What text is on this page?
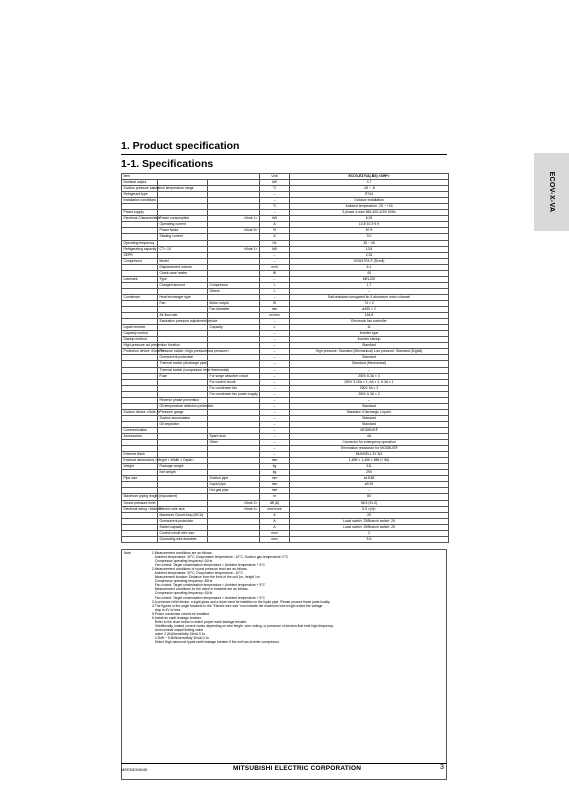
ECOV-X-VA
1. Product specification
1-1. Specifications
Item			Unit	ECOV-E37VA(-BS) <SHP>
Nominal output			kW	3.7
Suction pressure saturation temperature range			°C	-28 ~ -8
Refrigerant type			–	R744
Installation conditions			–	Outdoor installation
			°C	Ambient temperature -25 ~ +43
Power supply			–	3-phase 4-wire 380-400-415V 50Hz
Electrical Characteristics	Power consumption	<Note 1>	kW	6.29
	Operating current		A	10.8·10.3·9.9
	Power factor	<Note 5>	%	87.9
	Starting current		A	3.0
Operating frequency			Hz	35 ~ 45
Refrigerating capacity	CT= 10	<Note 1>	kW	13.8
SEPR			–	2.33
Compressor	Model		–	HXW17FA-F (Scroll)
	Displacement volume		m³/h	6.1
	Crank case heater		W	45
Lubricant	Type		–	MEL220
	Charged amount	Compressor	L	1.7
		Others	L	–
Condenser	Heat exchanger type		–	Salt-resistant corrugated fin & aluminum micro channel
	Fan	Motor output	W	74 × 2
		Fan diameter	mm	ø490 × 2
	Air flow rate		m³/min	154.8
	Saturation pressure adjustment device		–	Electronic fan controller
Liquid receiver		Capacity	L	11
Capacity control			–	Inverter type
Startup method			–	Inverter startup
High-pressure cut prevention function			–	Standard
Protection device <Note 3>	Pressure switch <high-pressure/low pressure>		–	High pressure: Standard (Mechanical) Low pressure: Standard (Digital)
	Overcurrent protection		–	Standard
	Thermal switch (discharge pipe)		–	Standard (Mechanical)
	Thermal switch (compressor inner thermostat)		–	–
	Fuse	For surge absorber circuit	–	250V 6.3A × 3
		For control circuit	–	250V 3.15A × 1, 6A × 2, 6.3A × 1
		For condenser fan	–	250V 3A × 2
		For condenser fan power supply	–	250V 6.3A × 2
	Reverse phase prevention		–	–
	Oil temperature detection protection		–	Standard
Suction device <Note 3>	Pressure gauge		–	Standard <Discharge, Liquid>
	Suction accumulator		–	Standard
	Oil separator		–	Standard
Communication			–	MODBUS®
Accessories		Spare fuse	–	4A
		Other	–	Connector for emergency operation
			–	Termination resistance for MODBUS®
External finish			–	MUNSELL 5Y 8/1
External dimensions <Height × Width × Depth>			mm	1,695 × 1,450 × 586 (+ 56)
Weight	Package weight		kg	311
	Net weight		kg	290
Pipe size		Suction pipe	mm	ø15.88
		Liquid pipe	mm	ø9.52
		Hot gas pipe	mm	–
Maximum piping length (equivalent)			m	80
Sound pressure level		<Note 2>	dB (A)	56.5 (51.0)
Electrical wiring <Note 6>	Electric wire size	<Note 4>	mm²/core	5.5 ×(4)×
	Maximum Circuit Amp (MCA)		A	20
	Overcurrent protection		A	Local switch: 25/Branch switch: 25
	Switch capacity		A	Local switch: 25/Branch switch: 25
	Control circuit wire size		mm²	2
	Grounding wire diameter		mm²	5.5
Note	1.Measurement conditions are as follows.
Ambient temperature: 32°C, Evaporation temperature: -10°C, Suction gas temperature: 0°C
Compressor operating frequency: 61Hz
Fan control: Target condensation temperature = Ambient temperature + 5°C
2.Measurement conditions of sound pressure level are as follows.
Ambient temperature: 32°C, Evaporation temperature: -10°C
Measurement location: Distance from the front of the unit 1m, height 1m
Compressor operating frequency: 60Hz
Fan control: Target condensation temperature = Ambient temperature + 5°C
Measurement conditions for the value in brackets are as follows.
Compressor operating frequency: 61Hz
Fan control: Target condensation temperature = Ambient temperature + 5°C
3.A pressure relief device, a sight glass and a dryer must be installed on the liquid pipe. Please procure these parts locally.
4.The figures in the angle brackets in the "Electric wire size" row indicate the maximum wire length where the voltage
drop is 4V or less.
5.Power condenser cannot be installed.
6.Install an earth leakage breaker.
Refer to the chart below to select proper earth leakage breaker.
*Additionally, leaked current varies depending on wire length, wire routing, or presence of devices that emit high-frequency.
Unit nominal output/Setting value
under 2.2kW/sensitivity 15mA 0.1s
2.2kW ~ 5.5kW/sensitivity 30mA 0.1s
Select High-harmonic typed earth leakage breaker if the unit has inverter compressor.
MEE53GM045	MITSUBISHI ELECTRIC CORPORATION	3
